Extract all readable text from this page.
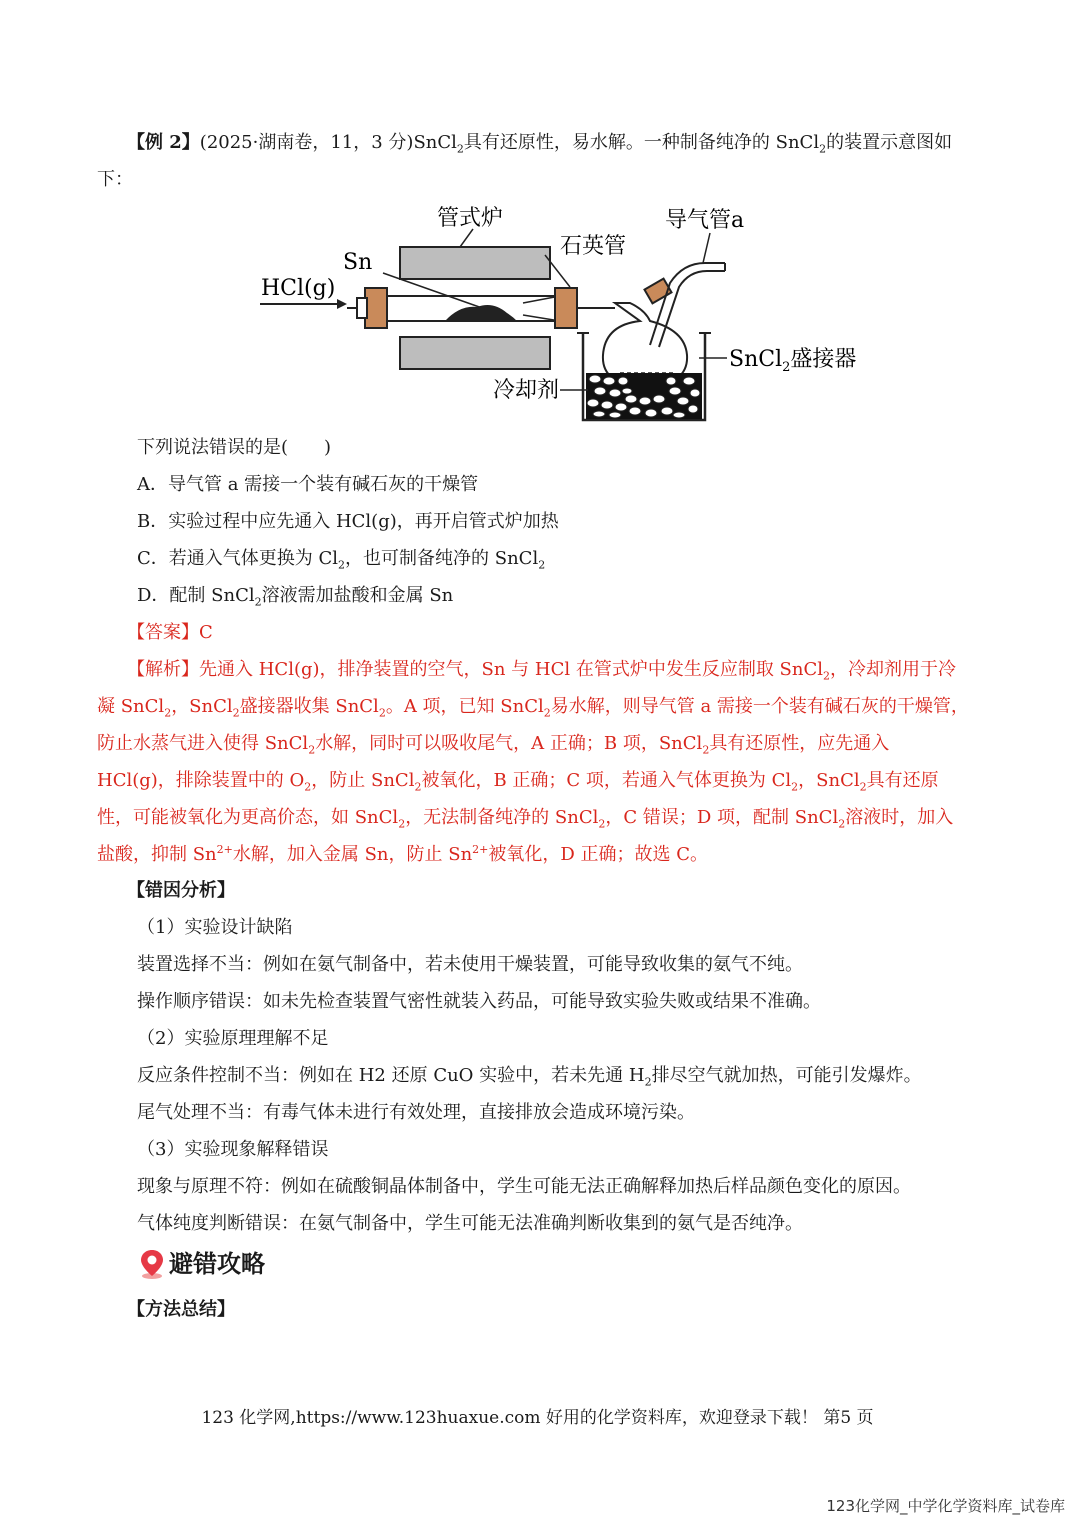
【例 2】(2025·湖南卷，11，3 分)SnCl$_2$具有还原性，易水解。一种制备纯净的 SnCl$_2$的装置示意图如
下：
管式炉	导气管a
石英管
Sn
HCl(g)
SnCl$_2$盛接器
冷却剂
下列说法错误的是(　　)
A．导气管 a 需接一个装有碱石灰的干燥管
B．实验过程中应先通入 HCl(g)，再开启管式炉加热
C．若通入气体更换为 $Cl_2$，也可制备纯净的 SnCl$_2$
D．配制 SnCl$_2$溶液需加盐酸和金属 Sn
【答案】C
【解析】先通入 HCl(g)，排净装置的空气，Sn 与 HCl 在管式炉中发生反应制取 SnCl$_2$，冷却剂用于冷
凝 SnCl$_2$，SnCl$_2$盛接器收集 SnCl$_2$。A 项，已知 SnCl$_2$易水解，则导气管 a 需接一个装有碱石灰的干燥管，
防止水蒸气进入使得 SnCl$_2$水解，同时可以吸收尾气，A 正确；B 项，SnCl$_2$具有还原性，应先通入
HCl(g)，排除装置中的 $O_2$，防止 SnCl$_2$被氧化，B 正确；C 项，若通入气体更换为 $Cl_2$，SnCl$_2$具有还原
性，可能被氧化为更高价态，如 SnCl$_2$，无法制备纯净的 SnCl$_2$，C 错误；D 项，配制 SnCl$_2$溶液时，加入
盐酸，抑制 $Sn^{2+}$水解，加入金属 Sn，防止 $Sn^{2+}$被氧化，D 正确；故选 C。
【错因分析】
（1）实验设计缺陷
装置选择不当：例如在氨气制备中，若未使用干燥装置，可能导致收集的氨气不纯。
操作顺序错误：如未先检查装置气密性就装入药品，可能导致实验失败或结果不准确。
（2）实验原理理解不足
反应条件控制不当：例如在 H2 还原 CuO 实验中，若未先通 $H_2$排尽空气就加热，可能引发爆炸。
尾气处理不当：有毒气体未进行有效处理，直接排放会造成环境污染。
（3）实验现象解释错误
现象与原理不符：例如在硫酸铜晶体制备中，学生可能无法正确解释加热后样品颜色变化的原因。
气体纯度判断错误：在氨气制备中，学生可能无法准确判断收集到的氨气是否纯净。
避错攻略
【方法总结】
123 化学网,https://www.123huaxue.com 好用的化学资料库，欢迎登录下载！ 第5 页
123化学网_中学化学资料库_试卷库
